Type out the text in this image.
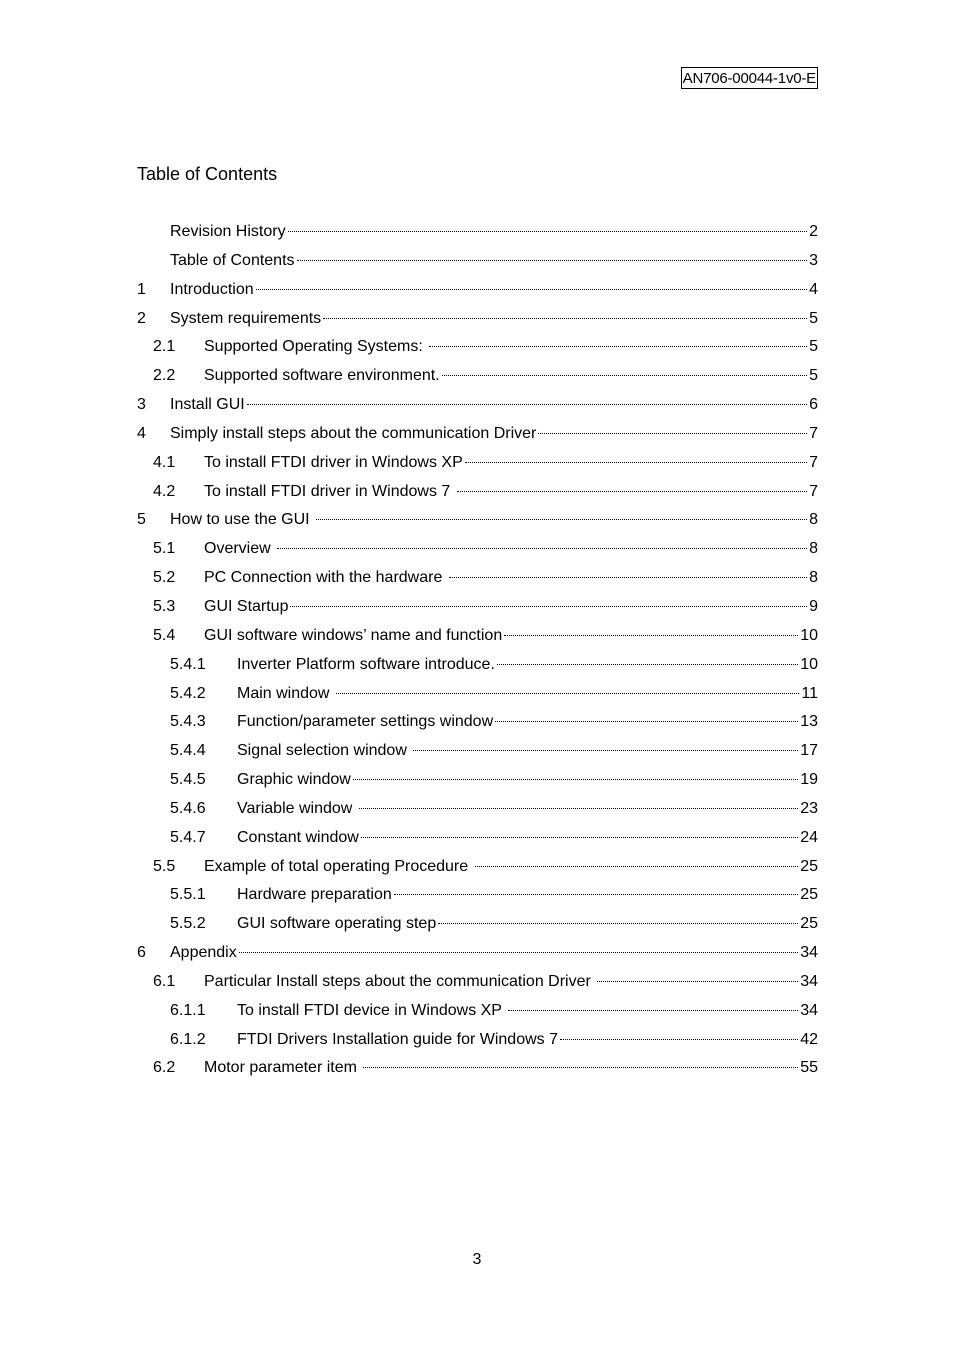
AN706-00044-1v0-E
Table of Contents
Revision History	2
Table of Contents	3
1	Introduction	4
2	System requirements	5
2.1	Supported Operating Systems:	5
2.2	Supported software environment.	5
3	Install GUI	6
4	Simply install steps about the communication Driver	7
4.1	To install FTDI driver in Windows XP	7
4.2	To install FTDI driver in Windows 7	7
5	How to use the GUI	8
5.1	Overview	8
5.2	PC Connection with the hardware	8
5.3	GUI Startup	9
5.4	GUI software windows’ name and function	10
5.4.1	Inverter Platform software introduce.	10
5.4.2	Main window	11
5.4.3	Function/parameter settings window	13
5.4.4	Signal selection window	17
5.4.5	Graphic window	19
5.4.6	Variable window	23
5.4.7	Constant window	24
5.5	Example of total operating Procedure	25
5.5.1	Hardware preparation	25
5.5.2	GUI software operating step	25
6	Appendix	34
6.1	Particular Install steps about the communication Driver	34
6.1.1	To install FTDI device in Windows XP	34
6.1.2	FTDI Drivers Installation guide for Windows 7	42
6.2	Motor parameter item	55
3
